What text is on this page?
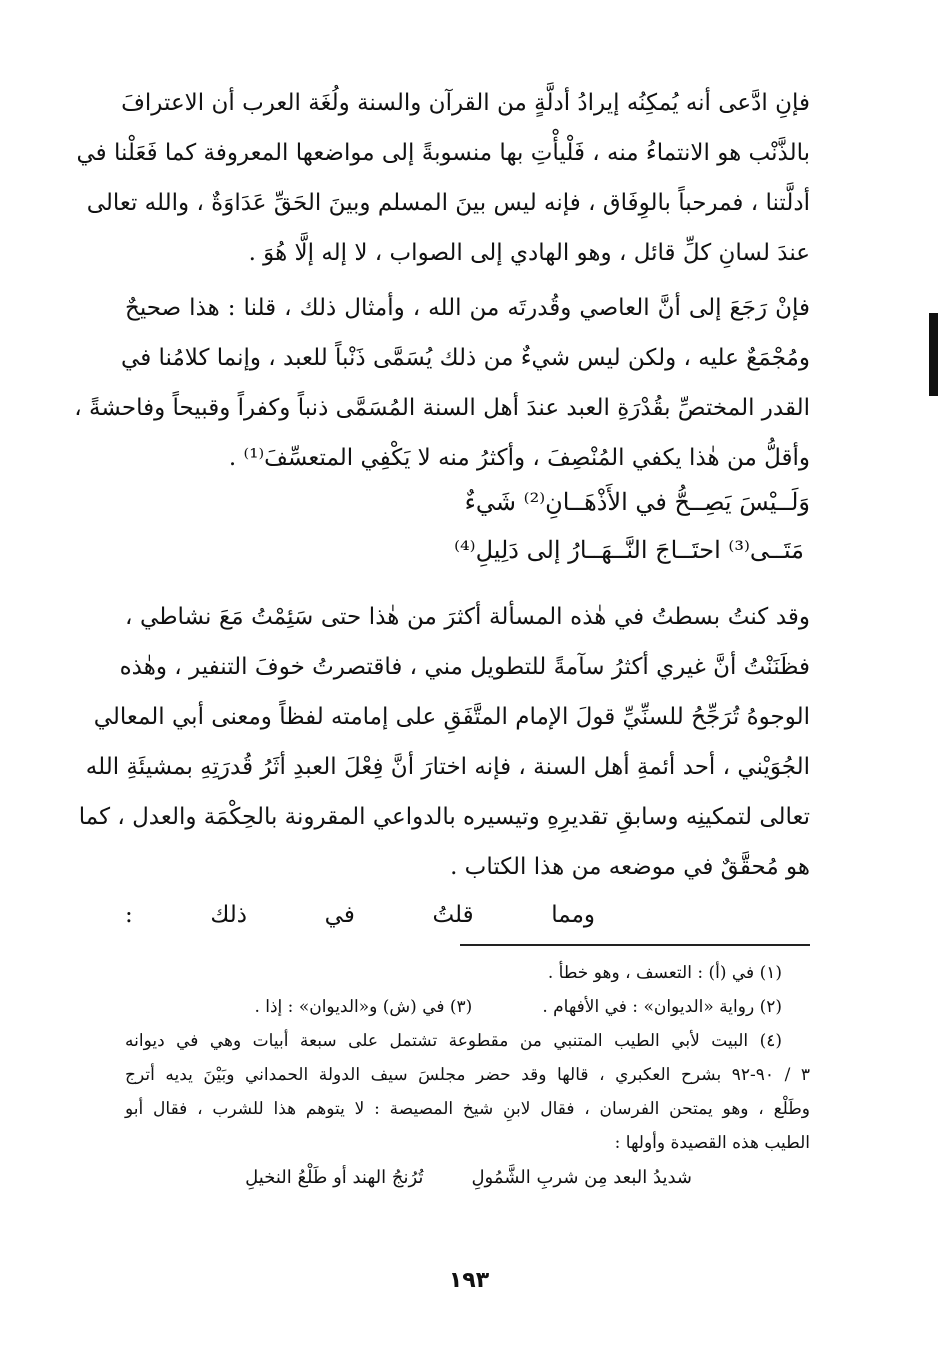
فإنِ ادَّعى أنه يُمكِنُه إيرادُ أدلَّةٍ من القرآن والسنة ولُغَة العرب أن الاعترافَ
بالذَّنْب هو الانتماءُ منه ، فَلْيأْتِ بها منسوبةً إلى مواضعها المعروفة كما فَعَلْنا في
أدلَّتنا ، فمرحباً بالوِفَاق ، فإنه ليس بينَ المسلم وبينَ الحَقِّ عَدَاوَةٌ ، والله تعالى
عندَ لسانِ كلِّ قائل ، وهو الهادي إلى الصواب ، لا إله إلَّا هُوَ .
فإنْ رَجَعَ إلى أنَّ العاصي وقُدرتَه من الله ، وأمثال ذلك ، قلنا : هذا صحيحٌ
ومُجْمَعٌ عليه ، ولكن ليس شيءٌ من ذلك يُسَمَّى ذَنْباً للعبد ، وإنما كلامُنا في
القدر المختصِّ بقُدْرَةِ العبد عندَ أهل السنة المُسَمَّى ذنباً وكفراً وقبيحاً وفاحشةً ،
وأقلُّ من هٰذا يكفي المُنْصِفَ ، وأكثرُ منه لا يَكْفِي المتعسِّفَ⁽¹⁾ .
وَلَــيْسَ يَصِــحُّ في الأَذْهَــانِ⁽²⁾ شَيءٌ
مَتَــى⁽³⁾ احتَــاجَ النَّــهَــارُ إلى دَلِيلِ⁽⁴⁾
وقد كنتُ بسطتُ في هٰذه المسألة أكثرَ من هٰذا حتى سَئِمْتُ مَعَ نشاطي ،
فظَنَنْتُ أنَّ غيري أكثرُ سآمةً للتطويل مني ، فاقتصرتُ خوفَ التنفير ، وهٰذه
الوجوهُ تُرَجِّحُ للسنِّيِّ قولَ الإمام المتَّفَقِ على إمامته لفظاً ومعنى أبي المعالي
الجُوَيْني ، أحد أئمةِ أهل السنة ، فإنه اختارَ أنَّ فِعْلَ العبدِ أثَرُ قُدرَتِهِ بمشيئَةِ الله
تعالى لتمكينِه وسابقِ تقديرِهِ وتيسيره بالدواعي المقرونة بالحِكْمَة والعدل ، كما
هو مُحقَّقٌ في موضعه من هذا الكتاب .
ومما قلتُ في ذلك :
(١) في (أ) : التعسف ، وهو خطأ .
(٢) رواية «الديوان» : في الأفهام .
(٣) في (ش) و«الديوان» : إذا .
(٤) البيت لأبي الطيب المتنبي من مقطوعة تشتمل على سبعة أبيات وهي في ديوانه
٣ / ٩٠-٩٢ بشرح العكبري ، قالها وقد حضر مجلسَ سيف الدولة الحمداني وبَيْنَ يديه أترج
وطَلْع ، وهو يمتحن الفرسان ، فقال لابنِ شيخ المصيصة : لا يتوهم هذا للشرب ، فقال أبو
الطيب هذه القصيدة وأولها :
شديدُ البعد مِن شربِ الشَّمُولِ
تُرُنجُ الهند أو طَلْعُ النخيلِ
١٩٣
